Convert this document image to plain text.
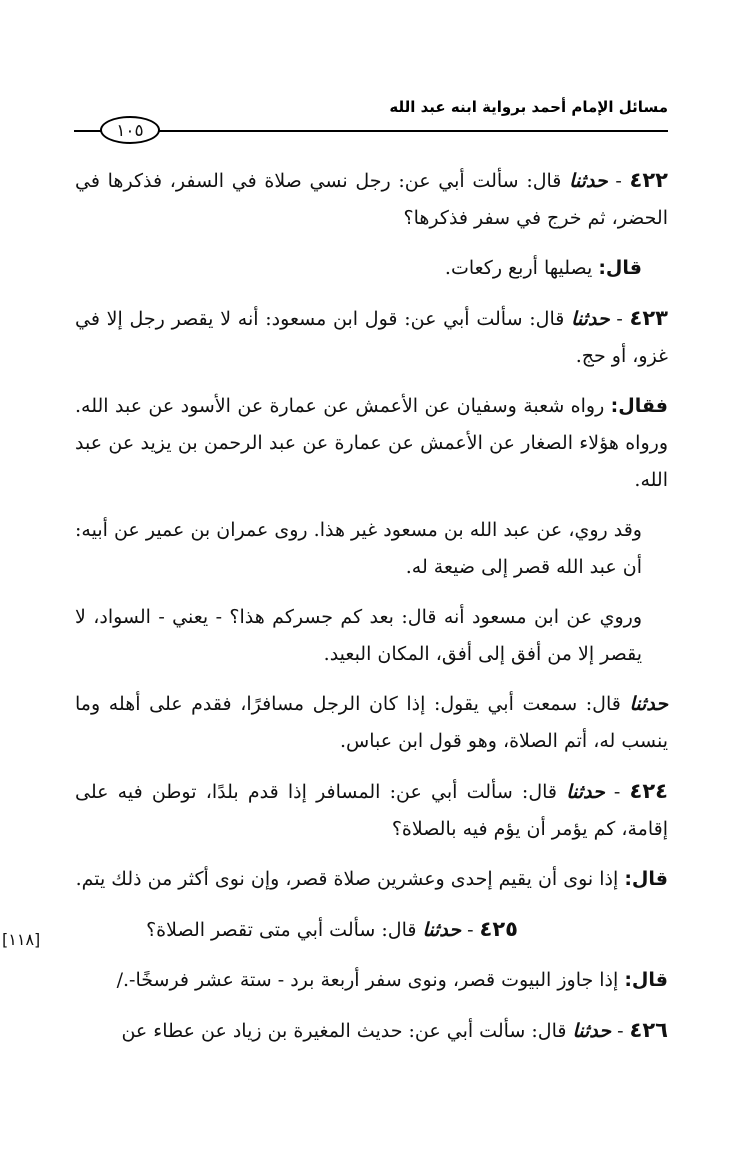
مسائل الإمام أحمد برواية ابنه عبد الله
١٠٥

٤٢٢ - حدثنا قال: سألت أبي عن: رجل نسي صلاة في السفر، فذكرها في الحضر، ثم خرج في سفر فذكرها؟

قال: يصليها أربع ركعات.

٤٢٣ - حدثنا قال: سألت أبي عن: قول ابن مسعود: أنه لا يقصر رجل إلا في غزو، أو حج.

فقال: رواه شعبة وسفيان عن الأعمش عن عمارة عن الأسود عن عبد الله. ورواه هؤلاء الصغار عن الأعمش عن عمارة عن عبد الرحمن بن يزيد عن عبد الله.

وقد روي، عن عبد الله بن مسعود غير هذا. روى عمران بن عمير عن أبيه: أن عبد الله قصر إلى ضيعة له.

وروي عن ابن مسعود أنه قال: بعد كم جسركم هذا؟ - يعني - السواد، لا يقصر إلا من أفق إلى أفق، المكان البعيد.

حدثنا قال: سمعت أبي يقول: إذا كان الرجل مسافرًا، فقدم على أهله وما ينسب له، أتم الصلاة، وهو قول ابن عباس.

٤٢٤ - حدثنا قال: سألت أبي عن: المسافر إذا قدم بلدًا، توطن فيه على إقامة، كم يؤمر أن يؤم فيه بالصلاة؟

قال: إذا نوى أن يقيم إحدى وعشرين صلاة قصر، وإن نوى أكثر من ذلك يتم.

٤٢٥ - حدثنا قال: سألت أبي متى تقصر الصلاة؟

قال: إذا جاوز البيوت قصر، ونوى سفر أربعة برد - ستة عشر فرسخًا-./

٤٢٦ - حدثنا قال: سألت أبي عن: حديث المغيرة بن زياد عن عطاء عن

[١١٨]
